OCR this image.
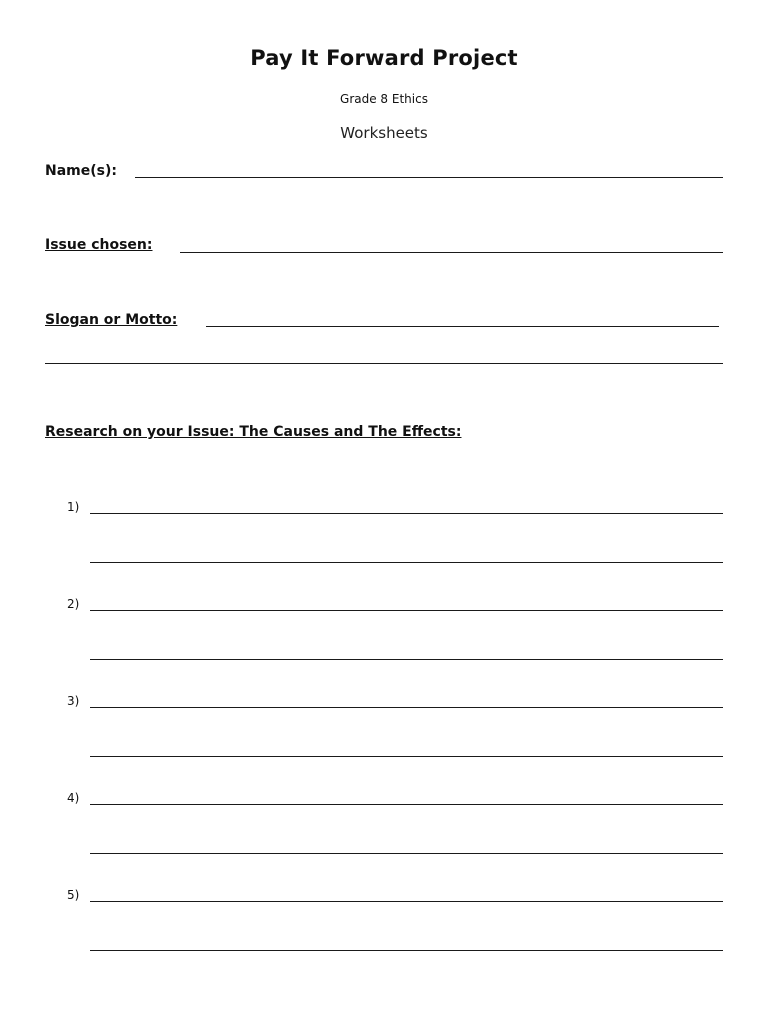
Pay It Forward Project
Grade 8 Ethics
Worksheets
Name(s):
Issue chosen:
Slogan or Motto:
Research on your Issue: The Causes and The Effects:
1)
2)
3)
4)
5)
